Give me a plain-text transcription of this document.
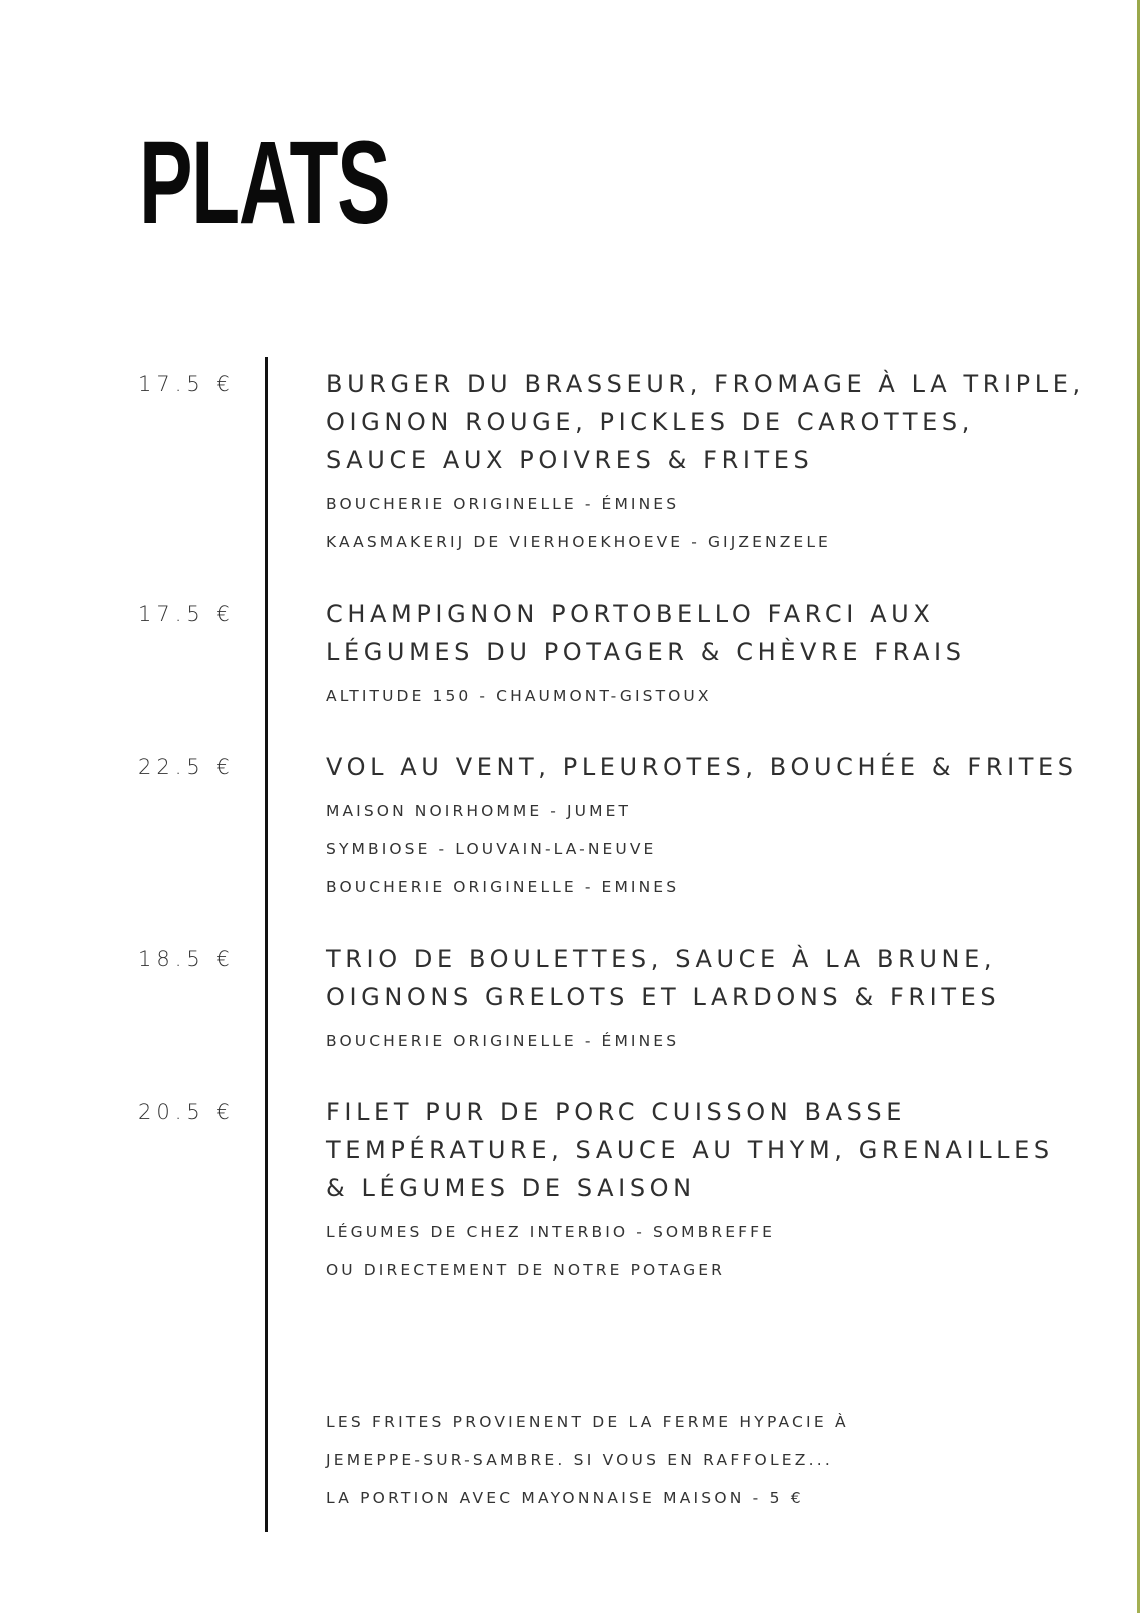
PLATS
17.5 €	BURGER DU BRASSEUR, FROMAGE À LA TRIPLE,
OIGNON ROUGE, PICKLES DE CAROTTES,
SAUCE AUX POIVRES & FRITES
BOUCHERIE ORIGINELLE - ÉMINES
KAASMAKERIJ DE VIERHOEKHOEVE - GIJZENZELE
17.5 €	CHAMPIGNON PORTOBELLO FARCI AUX
LÉGUMES DU POTAGER & CHÈVRE FRAIS
ALTITUDE 150 - CHAUMONT-GISTOUX
22.5 €	VOL AU VENT, PLEUROTES, BOUCHÉE & FRITES
MAISON NOIRHOMME - JUMET
SYMBIOSE - LOUVAIN-LA-NEUVE
BOUCHERIE ORIGINELLE - EMINES
18.5 €	TRIO DE BOULETTES, SAUCE À LA BRUNE,
OIGNONS GRELOTS ET LARDONS & FRITES
BOUCHERIE ORIGINELLE - ÉMINES
20.5 €	FILET PUR DE PORC CUISSON BASSE
TEMPÉRATURE, SAUCE AU THYM, GRENAILLES
& LÉGUMES DE SAISON
LÉGUMES DE CHEZ INTERBIO - SOMBREFFE
OU DIRECTEMENT DE NOTRE POTAGER
LES FRITES PROVIENENT DE LA FERME HYPACIE À
JEMEPPE-SUR-SAMBRE. SI VOUS EN RAFFOLEZ...
LA PORTION AVEC MAYONNAISE MAISON - 5 €
